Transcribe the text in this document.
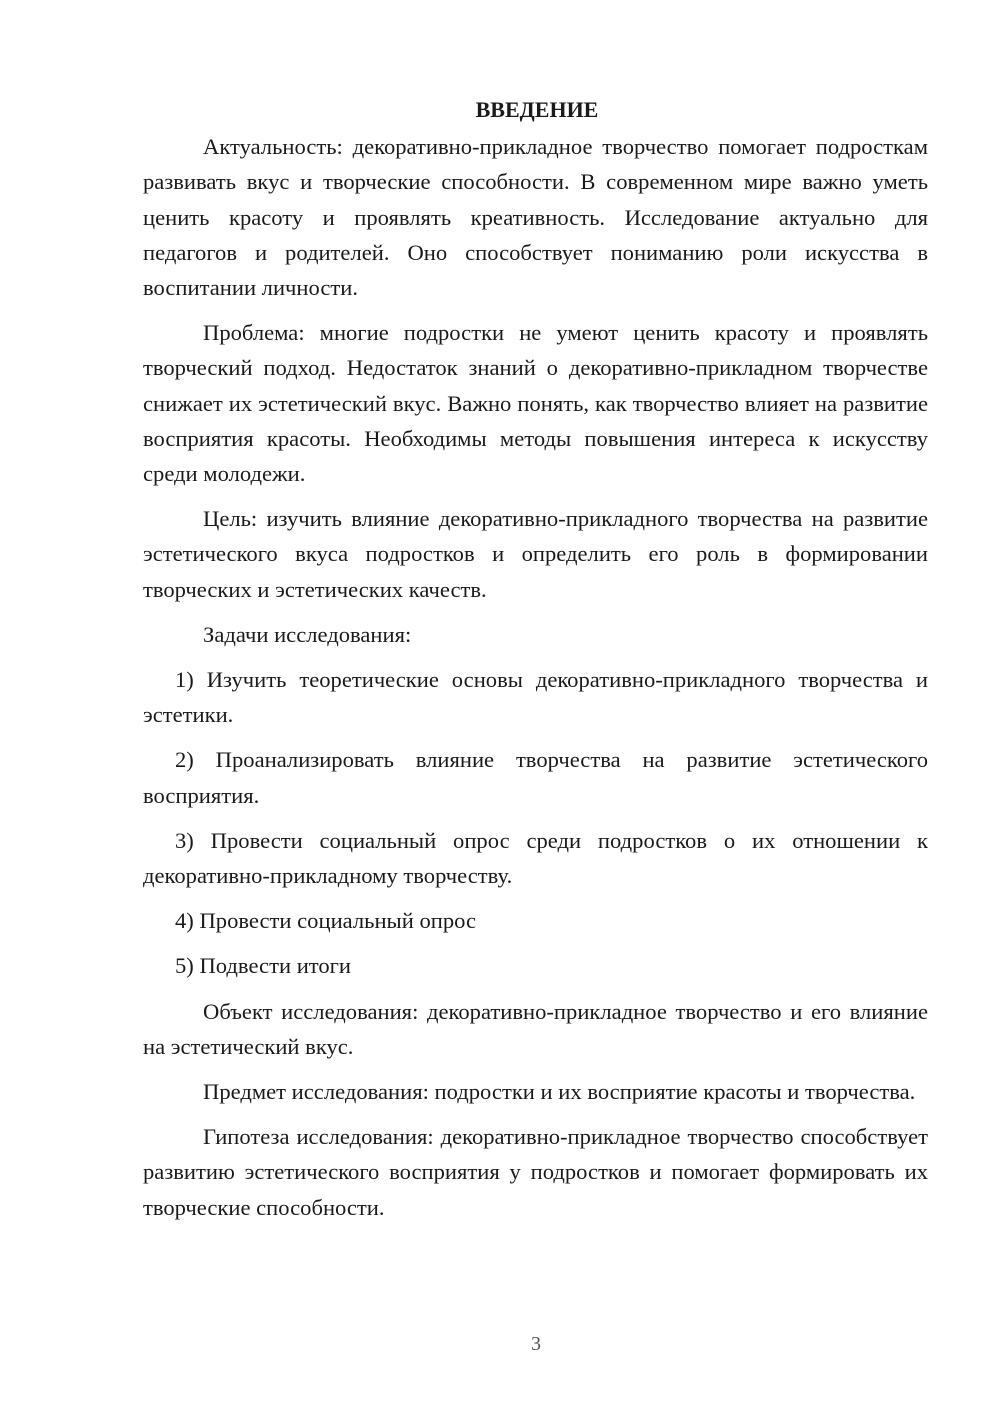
ВВЕДЕНИЕ

Актуальность: декоративно-прикладное творчество помогает подросткам развивать вкус и творческие способности. В современном мире важно уметь ценить красоту и проявлять креативность. Исследование актуально для педагогов и родителей. Оно способствует пониманию роли искусства в воспитании личности.

Проблема: многие подростки не умеют ценить красоту и проявлять творческий подход. Недостаток знаний о декоративно-прикладном творчестве снижает их эстетический вкус. Важно понять, как творчество влияет на развитие восприятия красоты. Необходимы методы повышения интереса к искусству среди молодежи.

Цель: изучить влияние декоративно-прикладного творчества на развитие эстетического вкуса подростков и определить его роль в формировании творческих и эстетических качеств.

Задачи исследования:

1) Изучить теоретические основы декоративно-прикладного творчества и эстетики.

2) Проанализировать влияние творчества на развитие эстетического восприятия.

3) Провести социальный опрос среди подростков о их отношении к декоративно-прикладному творчеству.

4) Провести социальный опрос

5) Подвести итоги

Объект исследования: декоративно-прикладное творчество и его влияние на эстетический вкус.

Предмет исследования: подростки и их восприятие красоты и творчества.

Гипотеза исследования: декоративно-прикладное творчество способствует развитию эстетического восприятия у подростков и помогает формировать их творческие способности.

3
